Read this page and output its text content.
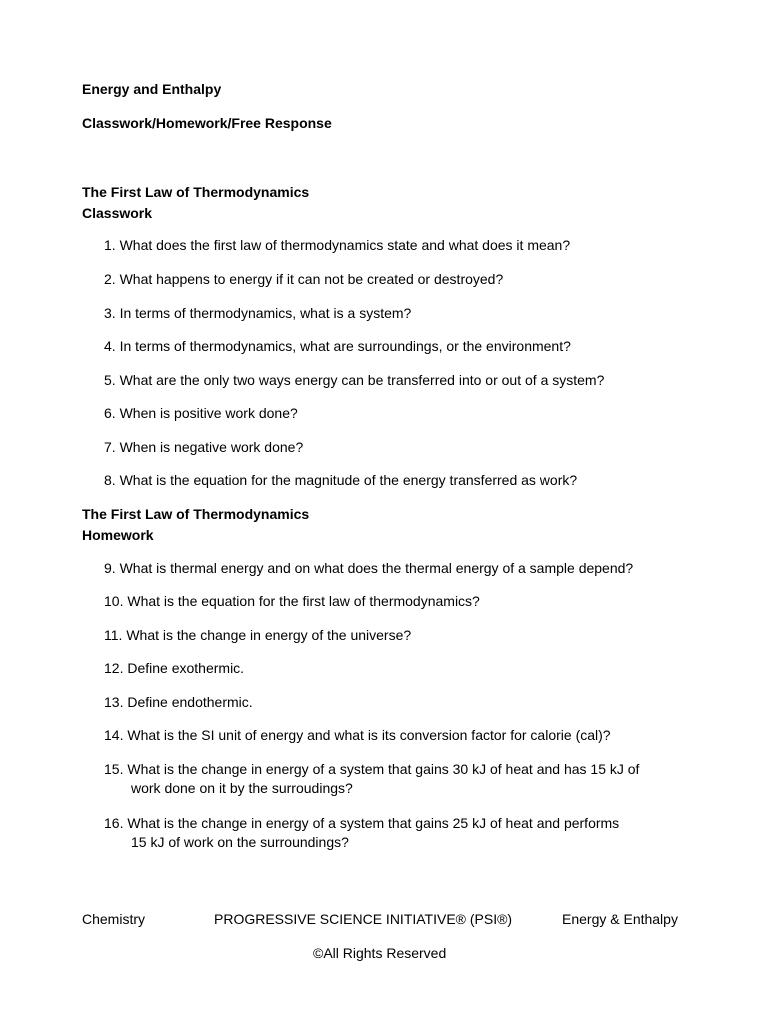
Energy and Enthalpy
Classwork/Homework/Free Response
The First Law of Thermodynamics
Classwork
1. What does the first law of thermodynamics state and what does it mean?
2. What happens to energy if it can not be created or destroyed?
3. In terms of thermodynamics, what is a system?
4. In terms of thermodynamics, what are surroundings, or the environment?
5. What are the only two ways energy can be transferred into or out of a system?
6. When is positive work done?
7. When is negative work done?
8. What is the equation for the magnitude of the energy transferred as work?
The First Law of Thermodynamics
Homework
9. What is thermal energy and on what does the thermal energy of a sample depend?
10. What is the equation for the first law of thermodynamics?
11. What is the change in energy of the universe?
12. Define exothermic.
13. Define endothermic.
14. What is the SI unit of energy and what is its conversion factor for calorie (cal)?
15. What is the change in energy of a system that gains 30 kJ of heat and has 15 kJ of
work done on it by the surroudings?
16. What is the change in energy of a system that gains 25 kJ of heat and performs
15 kJ of work on the surroundings?
Chemistry	PROGRESSIVE SCIENCE INITIATIVE® (PSI®)	Energy & Enthalpy
©All Rights Reserved
